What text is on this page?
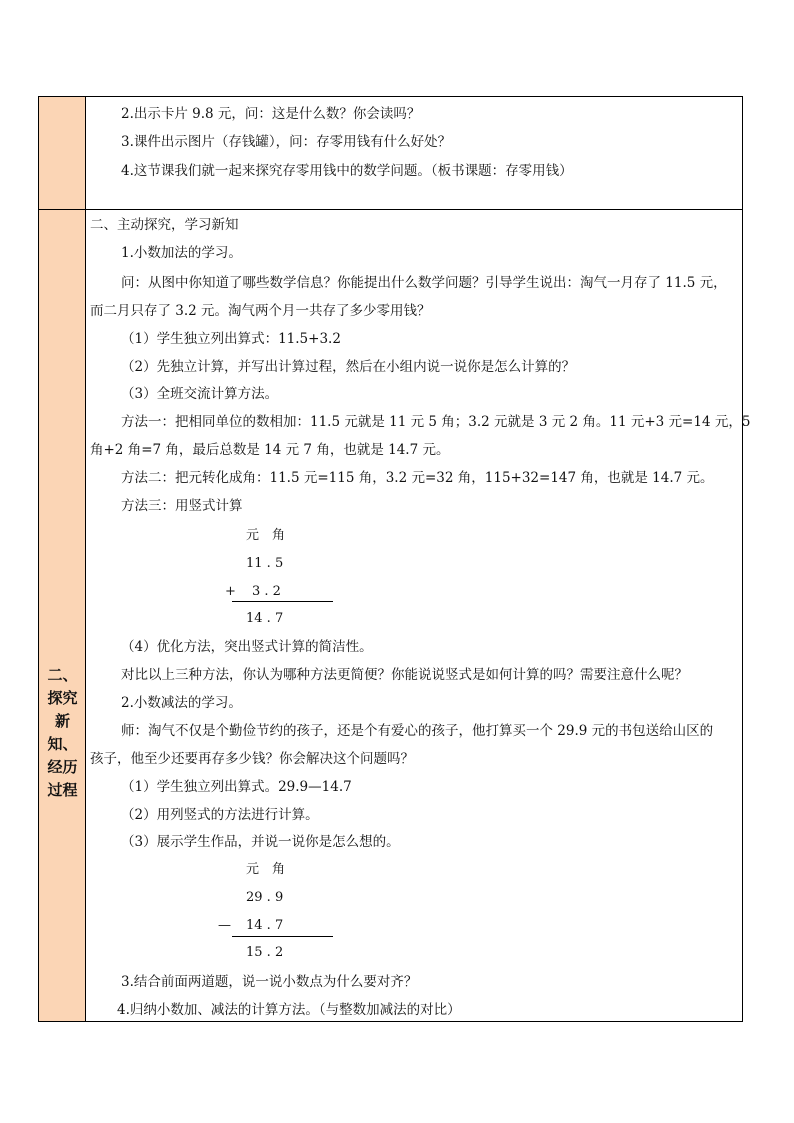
二、
探究
新
知、
经历
过程
2.出示卡片 9.8 元，问：这是什么数？你会读吗？
3.课件出示图片（存钱罐），问：存零用钱有什么好处？
4.这节课我们就一起来探究存零用钱中的数学问题。（板书课题：存零用钱）
二、主动探究，学习新知
1.小数加法的学习。
问：从图中你知道了哪些数学信息？你能提出什么数学问题？引导学生说出：淘气一月存了 11.5 元，
而二月只存了 3.2 元。淘气两个月一共存了多少零用钱？
（1）学生独立列出算式：11.5+3.2
（2）先独立计算，并写出计算过程，然后在小组内说一说你是怎么计算的？
（3）全班交流计算方法。
方法一：把相同单位的数相加：11.5 元就是 11 元 5 角；3.2 元就是 3 元 2 角。11 元+3 元=14 元，5
角+2 角=7 角，最后总数是 14 元 7 角，也就是 14.7 元。
方法二：把元转化成角：11.5 元=115 角，3.2 元=32 角，115+32=147 角，也就是 14.7 元。
方法三：用竖式计算
元　角
11 . 5
+ 3 . 2
14 . 7
（4）优化方法，突出竖式计算的简洁性。
对比以上三种方法，你认为哪种方法更简便？你能说说竖式是如何计算的吗？需要注意什么呢？
2.小数减法的学习。
师：淘气不仅是个勤俭节约的孩子，还是个有爱心的孩子，他打算买一个 29.9 元的书包送给山区的
孩子，他至少还要再存多少钱？你会解决这个问题吗？
（1）学生独立列出算式。29.9—14.7
（2）用列竖式的方法进行计算。
（3）展示学生作品，并说一说你是怎么想的。
元　角
29 . 9
— 14 . 7
15 . 2
3.结合前面两道题，说一说小数点为什么要对齐？
4.归纳小数加、减法的计算方法。（与整数加减法的对比）
